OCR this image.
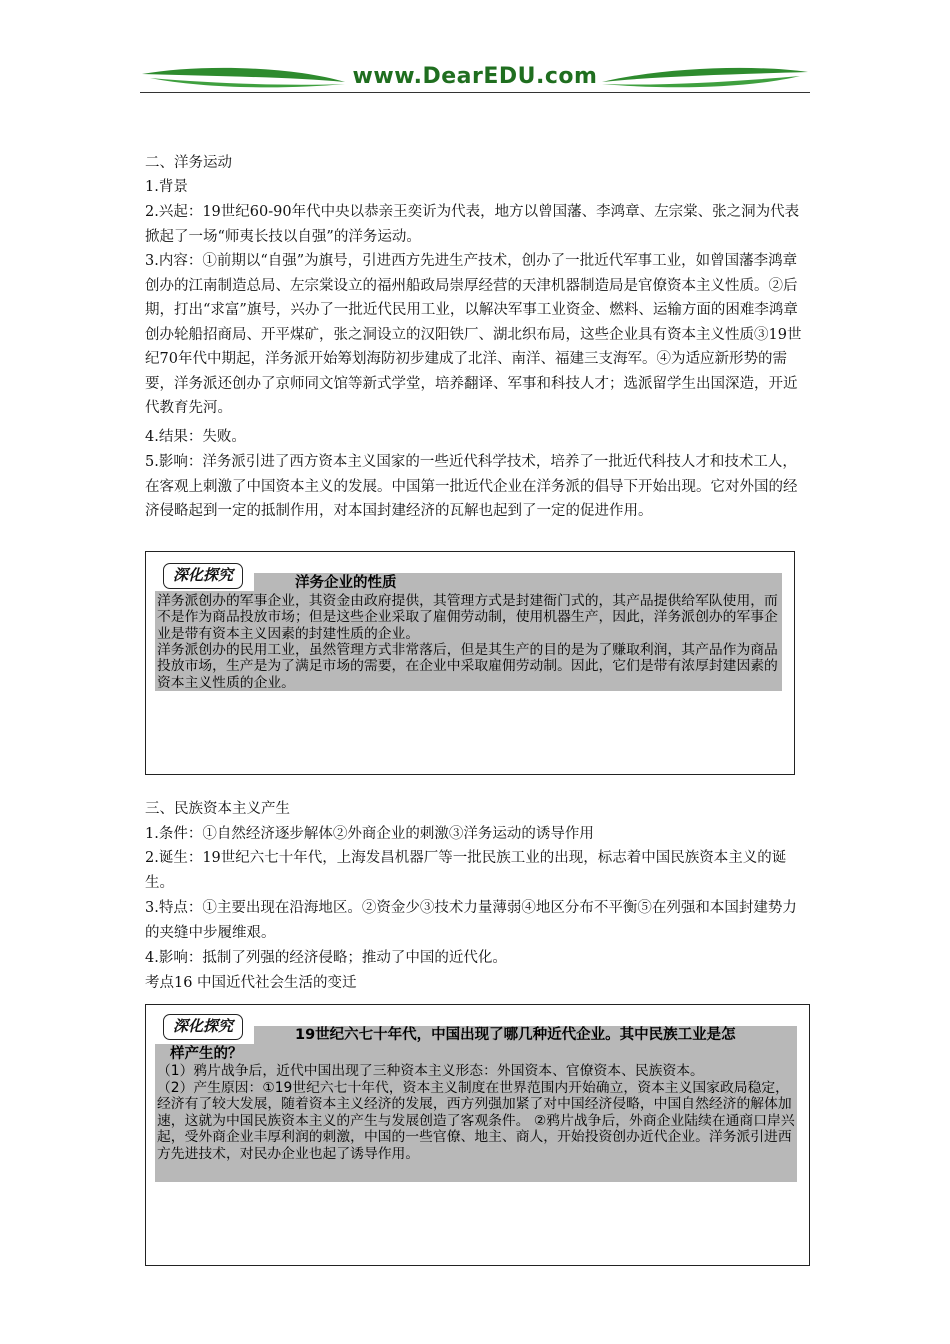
www.DearEDU.com

二、洋务运动

1.背景

2.兴起：19世纪60-90年代中央以恭亲王奕䜣为代表，地方以曾国藩、李鸿章、左宗棠、张之洞为代表掀起了一场“师夷长技以自强”的洋务运动。

3.内容：①前期以“自强”为旗号，引进西方先进生产技术，创办了一批近代军事工业，如曾国藩李鸿章创办的江南制造总局、左宗棠设立的福州船政局崇厚经营的天津机器制造局是官僚资本主义性质。②后期，打出“求富”旗号，兴办了一批近代民用工业，以解决军事工业资金、燃料、运输方面的困难李鸿章创办轮船招商局、开平煤矿，张之洞设立的汉阳铁厂、湖北织布局，这些企业具有资本主义性质③19世纪70年代中期起，洋务派开始筹划海防初步建成了北洋、南洋、福建三支海军。④为适应新形势的需要，洋务派还创办了京师同文馆等新式学堂，培养翻译、军事和科技人才；选派留学生出国深造，开近代教育先河。

4.结果：失败。

5.影响：洋务派引进了西方资本主义国家的一些近代科学技术，培养了一批近代科技人才和技术工人，在客观上刺激了中国资本主义的发展。中国第一批近代企业在洋务派的倡导下开始出现。它对外国的经济侵略起到一定的抵制作用，对本国封建经济的瓦解也起到了一定的促进作用。

深化探究	洋务企业的性质

洋务派创办的军事企业，其资金由政府提供，其管理方式是封建衙门式的，其产品提供给军队使用，而不是作为商品投放市场；但是这些企业采取了雇佣劳动制，使用机器生产，因此，洋务派创办的军事企业是带有资本主义因素的封建性质的企业。

洋务派创办的民用工业，虽然管理方式非常落后，但是其生产的目的是为了赚取利润，其产品作为商品投放市场，生产是为了满足市场的需要，在企业中采取雇佣劳动制。因此，它们是带有浓厚封建因素的资本主义性质的企业。

三、民族资本主义产生

1.条件：①自然经济逐步解体②外商企业的刺激③洋务运动的诱导作用

2.诞生：19世纪六七十年代，上海发昌机器厂等一批民族工业的出现，标志着中国民族资本主义的诞生。

3.特点：①主要出现在沿海地区。②资金少③技术力量薄弱④地区分布不平衡⑤在列强和本国封建势力的夹缝中步履维艰。

4.影响：抵制了列强的经济侵略；推动了中国的近代化。

考点16 中国近代社会生活的变迁

深化探究	19世纪六七十年代，中国出现了哪几种近代企业。其中民族工业是怎
样产生的？

（1）鸦片战争后，近代中国出现了三种资本主义形态：外国资本、官僚资本、民族资本。

（2）产生原因：①19世纪六七十年代，资本主义制度在世界范围内开始确立，资本主义国家政局稳定，经济有了较大发展，随着资本主义经济的发展，西方列强加紧了对中国经济侵略，中国自然经济的解体加速，这就为中国民族资本主义的产生与发展创造了客观条件。 ②鸦片战争后，外商企业陆续在通商口岸兴起，受外商企业丰厚利润的刺激，中国的一些官僚、地主、商人，开始投资创办近代企业。洋务派引进西方先进技术，对民办企业也起了诱导作用。
